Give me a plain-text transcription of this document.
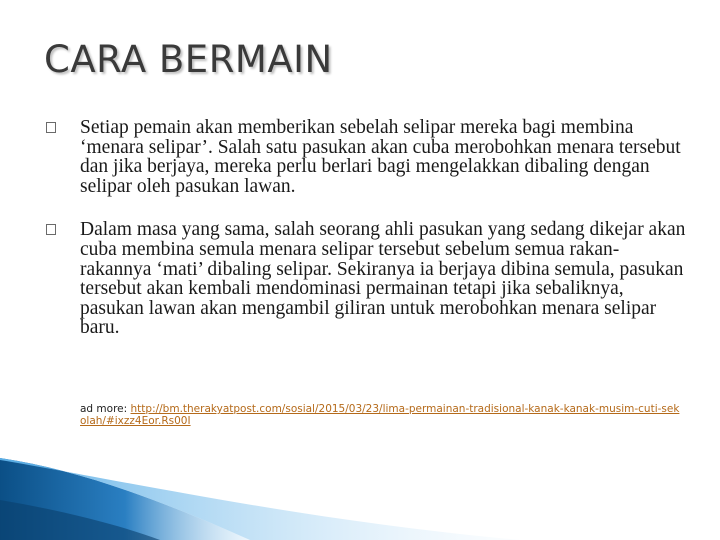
CARA BERMAIN
Setiap pemain akan memberikan sebelah selipar mereka bagi membina ‘menara selipar’. Salah satu pasukan akan cuba merobohkan menara tersebut dan jika berjaya, mereka perlu berlari bagi mengelakkan dibaling dengan selipar oleh pasukan lawan.
Dalam masa yang sama, salah seorang ahli pasukan yang sedang dikejar akan cuba membina semula menara selipar tersebut sebelum semua rakan-rakannya ‘mati’ dibaling selipar. Sekiranya ia berjaya dibina semula, pasukan tersebut akan kembali mendominasi permainan tetapi jika sebaliknya, pasukan lawan akan mengambil giliran untuk merobohkan menara selipar baru.
ad more: http://bm.therakyatpost.com/sosial/2015/03/23/lima-permainan-tradisional-kanak-kanak-musim-cuti-sekolah/#ixzz4Eor.Rs00I
